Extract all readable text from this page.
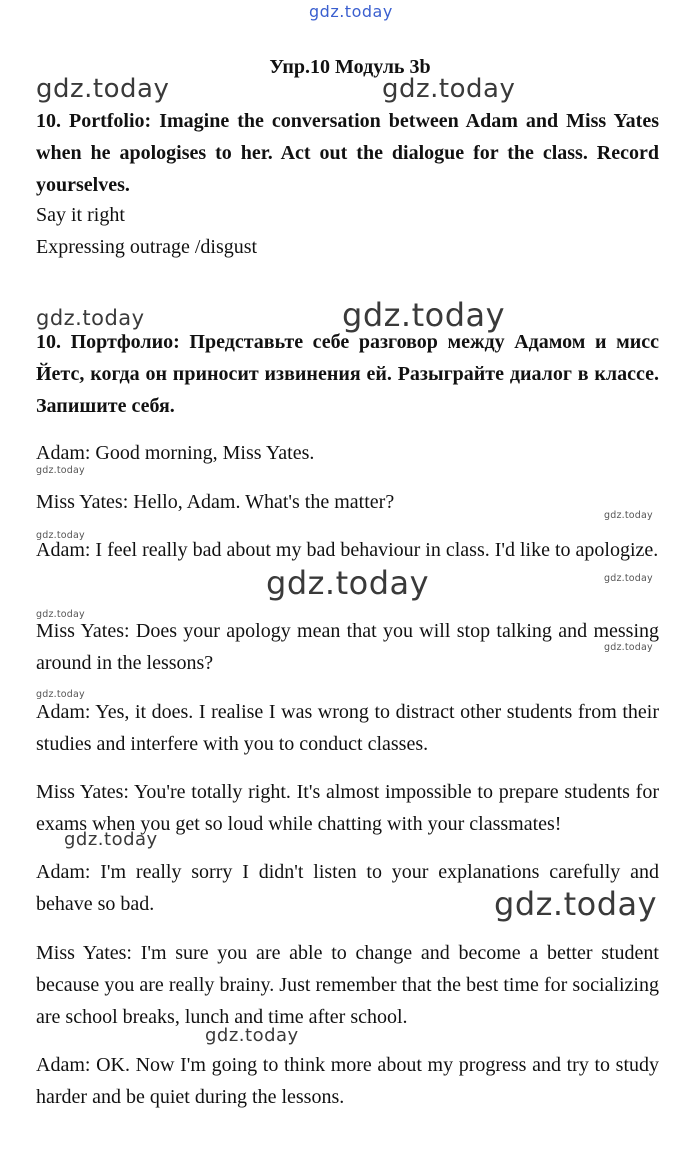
gdz.today
gdz.today	gdz.today
gdz.today	gdz.today
gdz.today
gdz.today
gdz.today
gdz.today	gdz.today
gdz.today
gdz.today
gdz.today
gdz.today
gdz.today
gdz.today
Упр.10 Модуль 3b
10. Portfolio: Imagine the conversation between Adam and Miss Yates when he apologises to her. Act out the dialogue for the class. Record yourselves.
Say it right
Expressing outrage /disgust
10. Портфолио: Представьте себе разговор между Адамом и мисс Йетс, когда он приносит извинения ей. Разыграйте диалог в классе. Запишите себя.
Adam: Good morning, Miss Yates.
Miss Yates: Hello, Adam. What's the matter?
Adam: I feel really bad about my bad behaviour in class. I'd like to apologize.
Miss Yates: Does your apology mean that you will stop talking and messing around in the lessons?
Adam: Yes, it does. I realise I was wrong to distract other students from their studies and interfere with you to conduct classes.
Miss Yates: You're totally right. It's almost impossible to prepare students for exams when you get so loud while chatting with your classmates!
Adam: I'm really sorry I didn't listen to your explanations carefully and behave so bad.
Miss Yates: I'm sure you are able to change and become a better student because you are really brainy. Just remember that the best time for socializing are school breaks, lunch and time after school.
Adam: OK. Now I'm going to think more about my progress and try to study harder and be quiet during the lessons.
